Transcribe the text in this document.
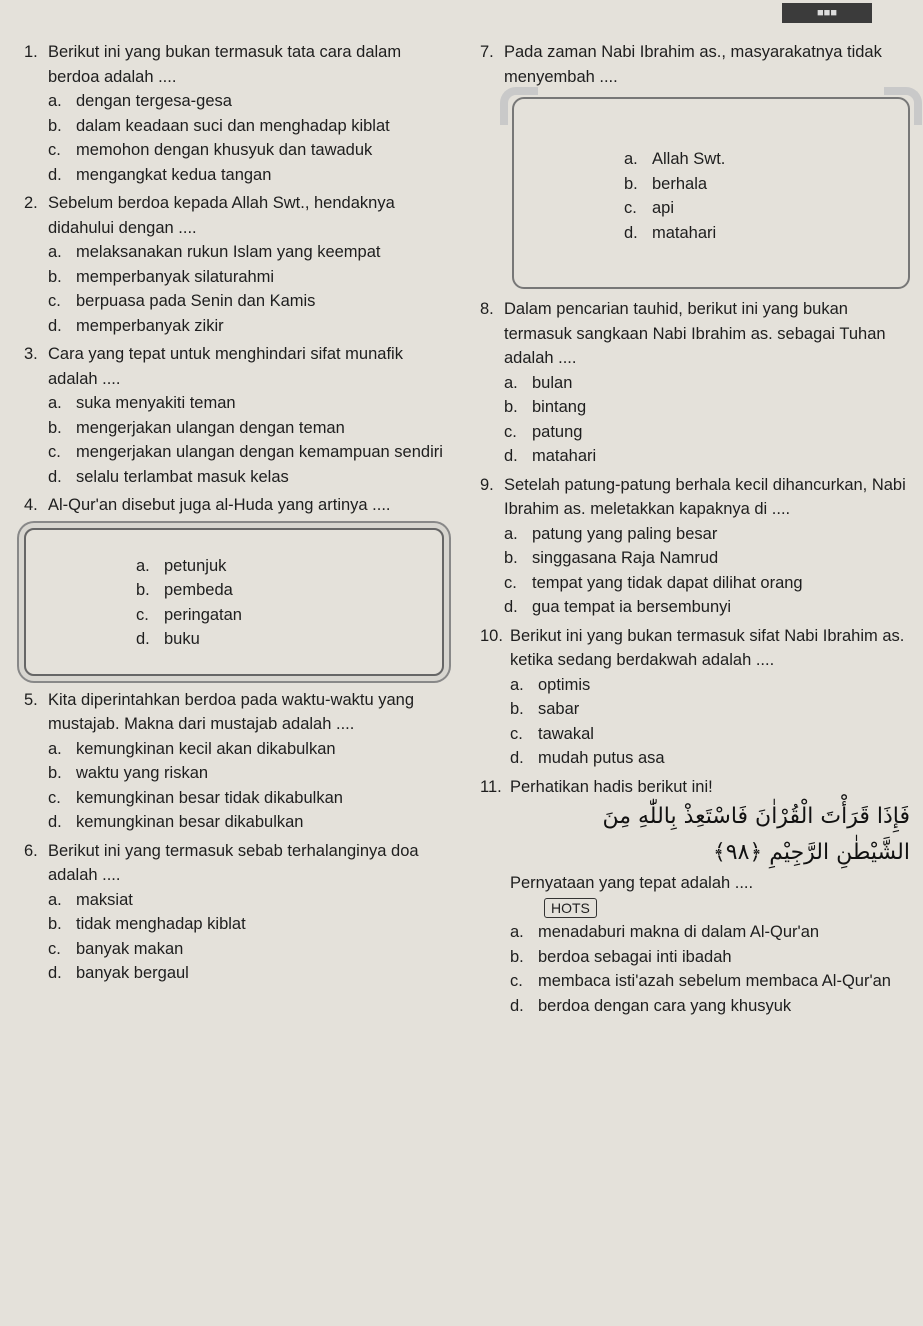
■■■
1. Berikut ini yang bukan termasuk tata cara dalam berdoa adalah ....
a. dengan tergesa-gesa
b. dalam keadaan suci dan menghadap kiblat
c. memohon dengan khusyuk dan tawaduk
d. mengangkat kedua tangan
2. Sebelum berdoa kepada Allah Swt., hendaknya didahului dengan ....
a. melaksanakan rukun Islam yang keempat
b. memperbanyak silaturahmi
c. berpuasa pada Senin dan Kamis
d. memperbanyak zikir
3. Cara yang tepat untuk menghindari sifat munafik adalah ....
a. suka menyakiti teman
b. mengerjakan ulangan dengan teman
c. mengerjakan ulangan dengan kemampuan sendiri
d. selalu terlambat masuk kelas
4. Al-Qur'an disebut juga al-Huda yang artinya ....
a. petunjuk
b. pembeda
c. peringatan
d. buku
5. Kita diperintahkan berdoa pada waktu-waktu yang mustajab. Makna dari mustajab adalah ....
a. kemungkinan kecil akan dikabulkan
b. waktu yang riskan
c. kemungkinan besar tidak dikabulkan
d. kemungkinan besar dikabulkan
6. Berikut ini yang termasuk sebab terhalanginya doa adalah ....
a. maksiat
b. tidak menghadap kiblat
c. banyak makan
d. banyak bergaul
7. Pada zaman Nabi Ibrahim as., masyarakatnya tidak menyembah ....
a. Allah Swt.
b. berhala
c. api
d. matahari
8. Dalam pencarian tauhid, berikut ini yang bukan termasuk sangkaan Nabi Ibrahim as. sebagai Tuhan adalah ....
a. bulan
b. bintang
c. patung
d. matahari
9. Setelah patung-patung berhala kecil dihancurkan, Nabi Ibrahim as. meletakkan kapaknya di ....
a. patung yang paling besar
b. singgasana Raja Namrud
c. tempat yang tidak dapat dilihat orang
d. gua tempat ia bersembunyi
10. Berikut ini yang bukan termasuk sifat Nabi Ibrahim as. ketika sedang berdakwah adalah ....
a. optimis
b. sabar
c. tawakal
d. mudah putus asa
11. Perhatikan hadis berikut ini!
فَإِذَا قَرَأْتَ الْقُرْاٰنَ فَاسْتَعِذْ بِاللّٰهِ مِنَ
الشَّيْطٰنِ الرَّجِيْمِ ﴿٩٨﴾
Pernyataan yang tepat adalah ....
HOTS
a. menadaburi makna di dalam Al-Qur'an
b. berdoa sebagai inti ibadah
c. membaca isti'azah sebelum membaca Al-Qur'an
d. berdoa dengan cara yang khusyuk
